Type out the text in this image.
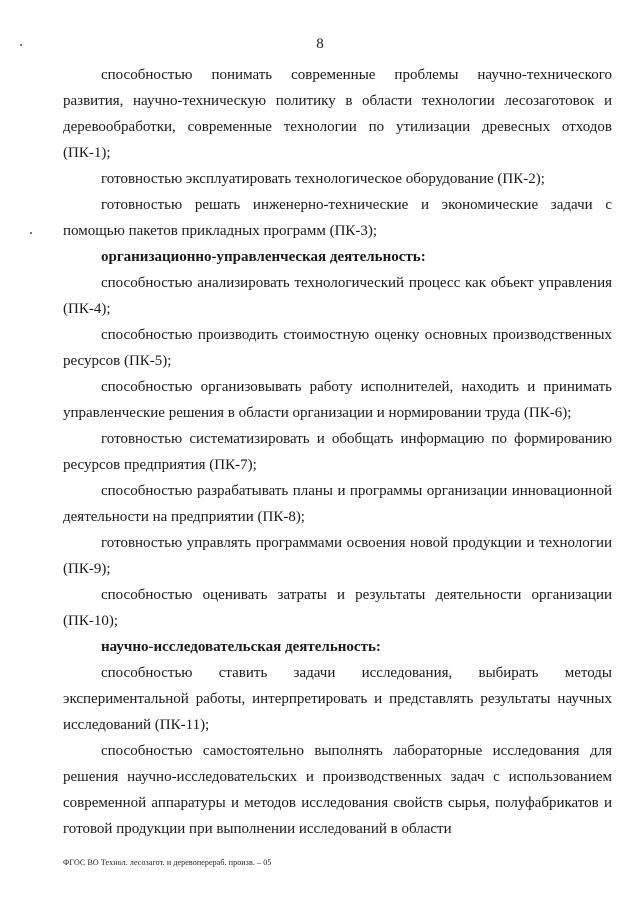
8

способностью понимать современные проблемы научно-технического развития, научно-техническую политику в области технологии лесозаготовок и деревообработки, современные технологии по утилизации древесных отходов (ПК-1);

готовностью эксплуатировать технологическое оборудование (ПК-2);

готовностью решать инженерно-технические и экономические задачи с помощью пакетов прикладных программ (ПК-3);

организационно-управленческая деятельность:

способностью анализировать технологический процесс как объект управления (ПК-4);

способностью производить стоимостную оценку основных производственных ресурсов (ПК-5);

способностью организовывать работу исполнителей, находить и принимать управленческие решения в области организации и нормировании труда (ПК-6);

готовностью систематизировать и обобщать информацию по формированию ресурсов предприятия (ПК-7);

способностью разрабатывать планы и программы организации инновационной деятельности на предприятии (ПК-8);

готовностью управлять программами освоения новой продукции и технологии (ПК-9);

способностью оценивать затраты и результаты деятельности организации (ПК-10);

научно-исследовательская деятельность:

способностью ставить задачи исследования, выбирать методы экспериментальной работы, интерпретировать и представлять результаты научных исследований (ПК-11);

способностью самостоятельно выполнять лабораторные исследования для решения научно-исследовательских и производственных задач с использованием современной аппаратуры и методов исследования свойств сырья, полуфабрикатов и готовой продукции при выполнении исследований в области

ФГОС ВО Технол. лесозагот. и деревоперераб. произв. – 05
